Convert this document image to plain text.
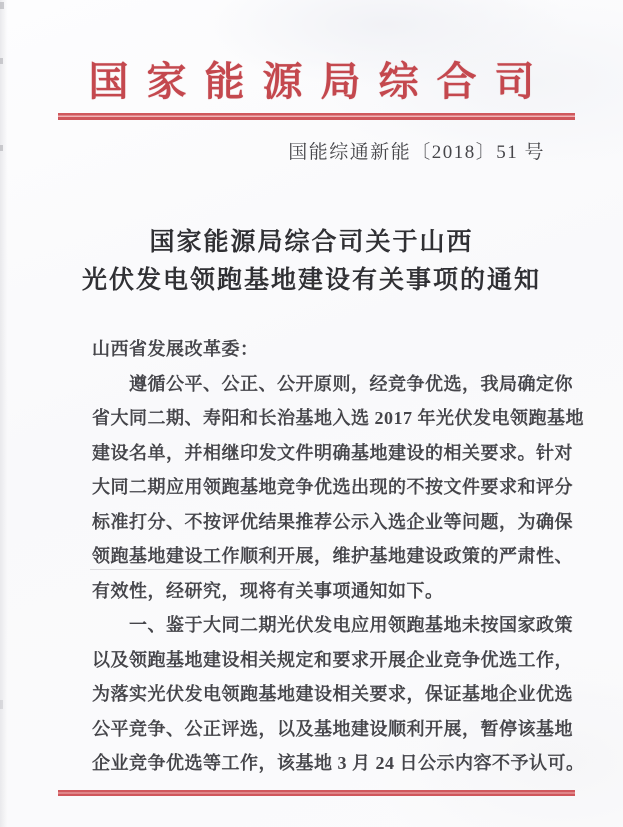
国家能源局综合司
国能综通新能〔2018〕51 号
国家能源局综合司关于山西
光伏发电领跑基地建设有关事项的通知
山西省发展改革委：
　　遵循公平、公正、公开原则，经竞争优选，我局确定你
省大同二期、寿阳和长治基地入选 2017 年光伏发电领跑基地
建设名单，并相继印发文件明确基地建设的相关要求。针对
大同二期应用领跑基地竞争优选出现的不按文件要求和评分
标准打分、不按评优结果推荐公示入选企业等问题，为确保
领跑基地建设工作顺利开展，维护基地建设政策的严肃性、
有效性，经研究，现将有关事项通知如下。
　　一、鉴于大同二期光伏发电应用领跑基地未按国家政策
以及领跑基地建设相关规定和要求开展企业竞争优选工作，
为落实光伏发电领跑基地建设相关要求，保证基地企业优选
公平竞争、公正评选，以及基地建设顺利开展，暂停该基地
企业竞争优选等工作，该基地 3 月 24 日公示内容不予认可。
